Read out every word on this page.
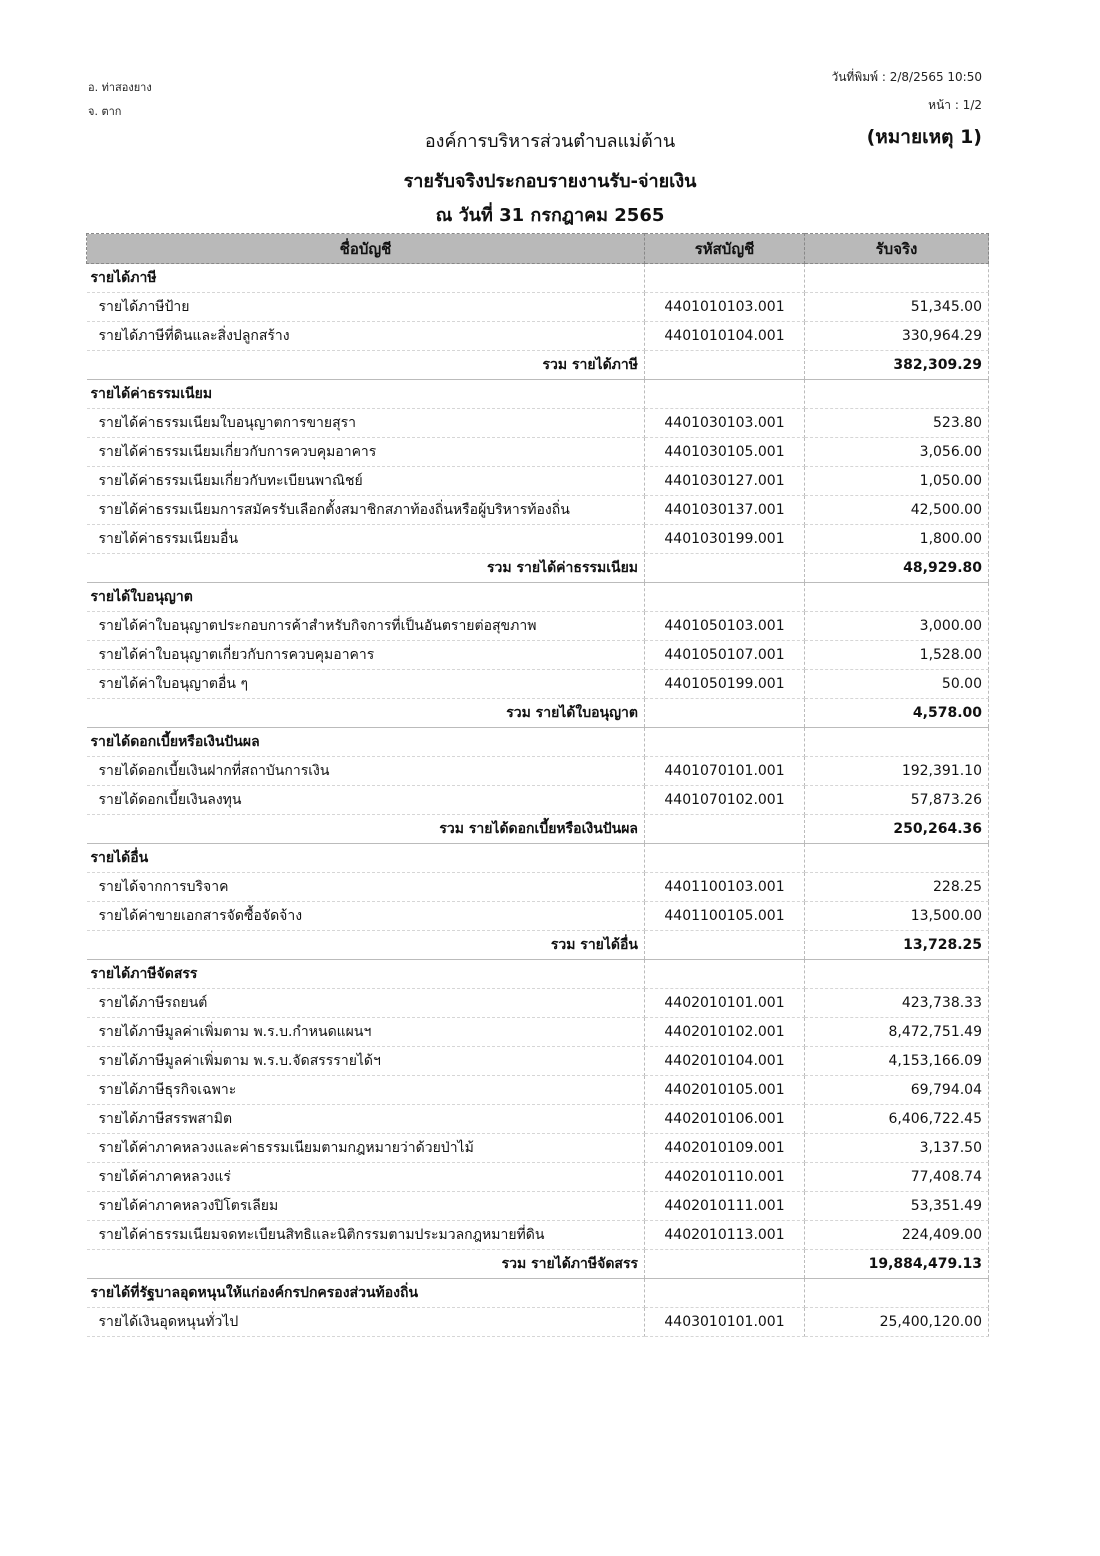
อ. ท่าสองยาง
จ. ตาก
วันที่พิมพ์ : 2/8/2565 10:50
หน้า : 1/2
องค์การบริหารส่วนตำบลแม่ต้าน	(หมายเหตุ 1)
รายรับจริงประกอบรายงานรับ-จ่ายเงิน
ณ วันที่ 31 กรกฎาคม 2565
ชื่อบัญชี	รหัสบัญชี	รับจริง
รายได้ภาษี		
รายได้ภาษีป้าย	4401010103.001	51,345.00
รายได้ภาษีที่ดินและสิ่งปลูกสร้าง	4401010104.001	330,964.29
รวม รายได้ภาษี		382,309.29
รายได้ค่าธรรมเนียม		
รายได้ค่าธรรมเนียมใบอนุญาตการขายสุรา	4401030103.001	523.80
รายได้ค่าธรรมเนียมเกี่ยวกับการควบคุมอาคาร	4401030105.001	3,056.00
รายได้ค่าธรรมเนียมเกี่ยวกับทะเบียนพาณิชย์	4401030127.001	1,050.00
รายได้ค่าธรรมเนียมการสมัครรับเลือกตั้งสมาชิกสภาท้องถิ่นหรือผู้บริหารท้องถิ่น	4401030137.001	42,500.00
รายได้ค่าธรรมเนียมอื่น	4401030199.001	1,800.00
รวม รายได้ค่าธรรมเนียม		48,929.80
รายได้ใบอนุญาต		
รายได้ค่าใบอนุญาตประกอบการค้าสำหรับกิจการที่เป็นอันตรายต่อสุขภาพ	4401050103.001	3,000.00
รายได้ค่าใบอนุญาตเกี่ยวกับการควบคุมอาคาร	4401050107.001	1,528.00
รายได้ค่าใบอนุญาตอื่น ๆ	4401050199.001	50.00
รวม รายได้ใบอนุญาต		4,578.00
รายได้ดอกเบี้ยหรือเงินปันผล		
รายได้ดอกเบี้ยเงินฝากที่สถาบันการเงิน	4401070101.001	192,391.10
รายได้ดอกเบี้ยเงินลงทุน	4401070102.001	57,873.26
รวม รายได้ดอกเบี้ยหรือเงินปันผล		250,264.36
รายได้อื่น		
รายได้จากการบริจาค	4401100103.001	228.25
รายได้ค่าขายเอกสารจัดซื้อจัดจ้าง	4401100105.001	13,500.00
รวม รายได้อื่น		13,728.25
รายได้ภาษีจัดสรร		
รายได้ภาษีรถยนต์	4402010101.001	423,738.33
รายได้ภาษีมูลค่าเพิ่มตาม พ.ร.บ.กำหนดแผนฯ	4402010102.001	8,472,751.49
รายได้ภาษีมูลค่าเพิ่มตาม พ.ร.บ.จัดสรรรายได้ฯ	4402010104.001	4,153,166.09
รายได้ภาษีธุรกิจเฉพาะ	4402010105.001	69,794.04
รายได้ภาษีสรรพสามิต	4402010106.001	6,406,722.45
รายได้ค่าภาคหลวงและค่าธรรมเนียมตามกฎหมายว่าด้วยป่าไม้	4402010109.001	3,137.50
รายได้ค่าภาคหลวงแร่	4402010110.001	77,408.74
รายได้ค่าภาคหลวงปิโตรเลียม	4402010111.001	53,351.49
รายได้ค่าธรรมเนียมจดทะเบียนสิทธิและนิติกรรมตามประมวลกฎหมายที่ดิน	4402010113.001	224,409.00
รวม รายได้ภาษีจัดสรร		19,884,479.13
รายได้ที่รัฐบาลอุดหนุนให้แก่องค์กรปกครองส่วนท้องถิ่น		
รายได้เงินอุดหนุนทั่วไป	4403010101.001	25,400,120.00
